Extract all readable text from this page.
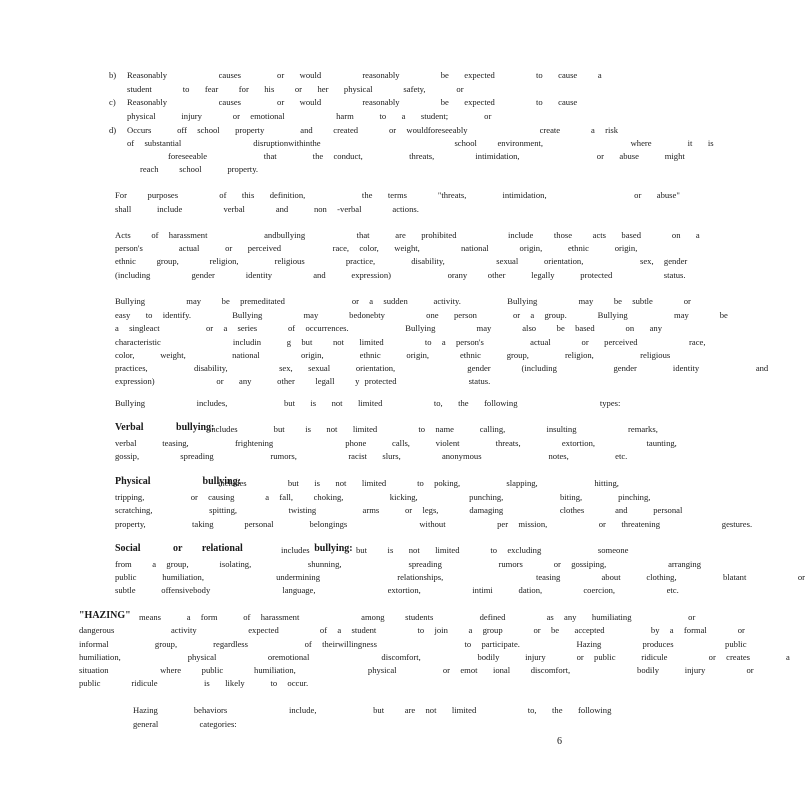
b) Reasonably          causes       or   would        reasonably        be   expected        to   cause    a
student      to   fear    for   his    or   her   physical      safety,      or
c) Reasonably          causes       or   would        reasonably        be   expected        to   cause
physical     injury      or  emotional          harm     to   a   student;       or
d) Occurs     off  school   property       and    created      or  wouldforeseeably              create      a  risk
of  substantial              disruptionwithinthe                          school    environment,                 where       it   is
foreseeable           that       the  conduct,         threats,        intimidation,               or   abuse     might
reach    school     property.
For    purposes        of   this   definition,           the   terms      "threats,       intimidation,                 or   abuse"
shall     include        verbal      and     non  -verbal      actions.
Acts    of  harassment           andbullying          that     are   prohibited          include    those    acts   based      on   a
person's       actual     or   perceived          race,  color,   weight,        national      origin,     ethnic     origin,
ethnic    group,      religion,       religious        practice,       disability,          sexual     orientation,           sex,  gender
(including        gender      identity        and     expression)           orany    other     legally     protected          status.
Bullying        may    be  premeditated             or  a  sudden     activity.         Bullying        may    be  subtle      or
easy   to  identify.        Bullying        may      bedonebty        one   person       or  a  group.      Bullying         may      be
a  singleact         or  a  series      of  occurrences.           Bullying        may      also    be  based      on   any
characteristic              includin     g  but    not   limited        to  a  person's         actual      or   perceived          race,
color,     weight,         national        origin,       ethnic     origin,      ethnic     group,       religion,         religious
practices,         disability,          sex,   sexual     orientation,              gender      (including           gender       identity           and
expression)            or   any     other    legall    y protected              status.
Bullying          includes,           but   is   not   limited          to,   the   following                types:
Verbal     bullying:
includes       but    is   not   limited        to  name     calling,        insulting          remarks,
verbal     teasing,         frightening              phone     calls,     violent       threats,        extortion,          taunting,
gossip,        spreading           rumors,          racist   slurs,        anonymous             notes,         etc.
Physical        bullying:
includes        but   is   not   limited      to  poking,         slapping,           hitting,
tripping,         or  causing      a  fall,    choking,         kicking,          punching,           biting,       pinching,
scratching,           spitting,          twisting         arms     or  legs,      damaging           clothes      and     personal
property,         taking      personal       belongings              without          per  mission,          or   threatening            gestures.
Social     or   relational           bullying:
includes         but    is   not   limited      to  excluding           someone
from    a  group,      isolating,           shunning,             spreading           rumors      or  gossiping,            arranging
public     humiliation,              undermining               relationships,                  teasing        about     clothing,         blatant          or
subtle     offensivebody              language,              extortion,          intimi     dation,        coercion,          etc.
"HAZING" means     a  form     of  harassment            among    students         defined        as  any   humiliating           or
dangerous           activity          expected        of  a  student        to  join    a  group      or  be   accepted         by  a  formal      or
informal         group,       regardless           of  theirwillingness                 to  participate.           Hazing        produces          public
humiliation,             physical          oremotional              discomfort,           bodily     injury      or  public     ridicule        or  creates       a
situation          where    public      humiliation,              physical         or  emot   ional    discomfort,             bodily     injury        or
public      ridicule         is   likely     to  occur.
Hazing       behaviors            include,           but    are  not   limited          to,   the   following
general        categories:
6
